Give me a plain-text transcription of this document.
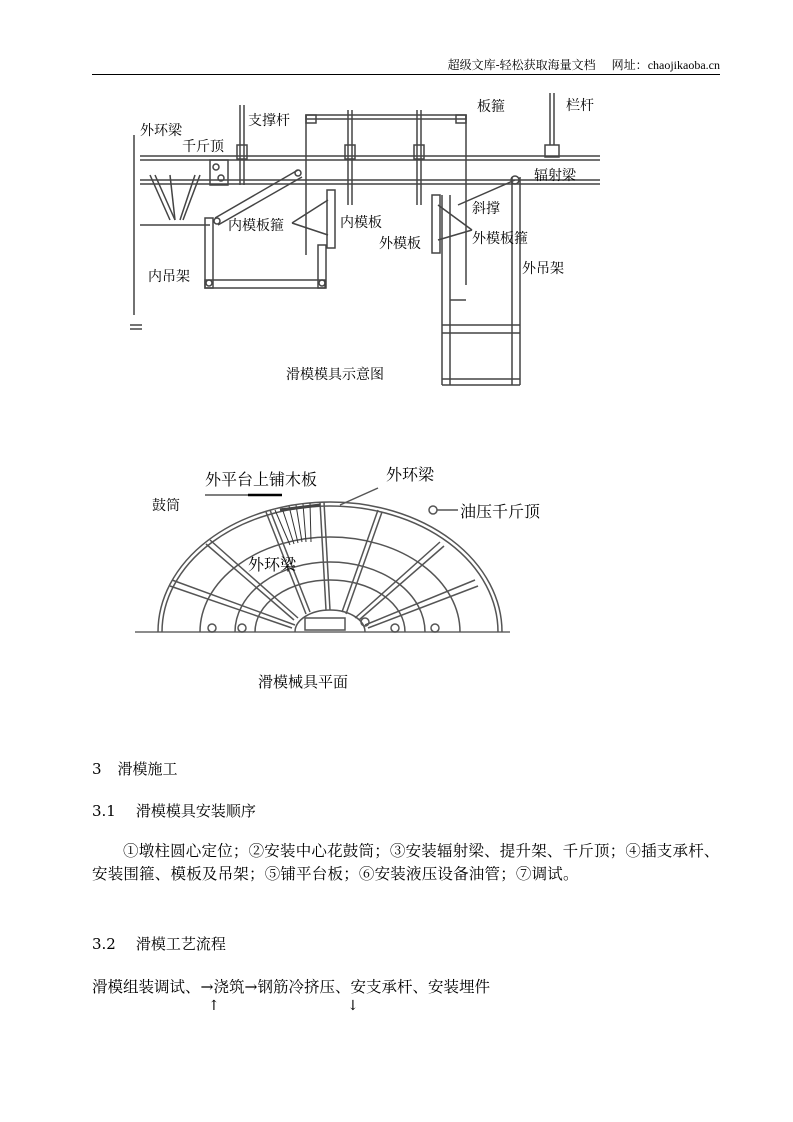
超级文库-轻松获取海量文档 网址：chaojikaoba.cn
外环梁
千斤顶
支撑杆
板箍	栏杆
辐射梁
内模板箍	内模板
斜撑
外模板	外模板箍
内吊架	外吊架
滑模模具示意图
鼓筒
外平台上铺木板	外环梁
油压千斤顶
外环梁
滑模械具平面
3 滑模施工
3.1 滑模模具安装顺序
①墩柱圆心定位；②安装中心花鼓筒；③安装辐射梁、提升架、千斤顶；④插支承杆、安装围箍、模板及吊架；⑤铺平台板；⑥安装液压设备油管；⑦调试。
3.2 滑模工艺流程
滑模组装调试、→浇筑→钢筋冷挤压、安支承杆、安装埋件
↑	↓
